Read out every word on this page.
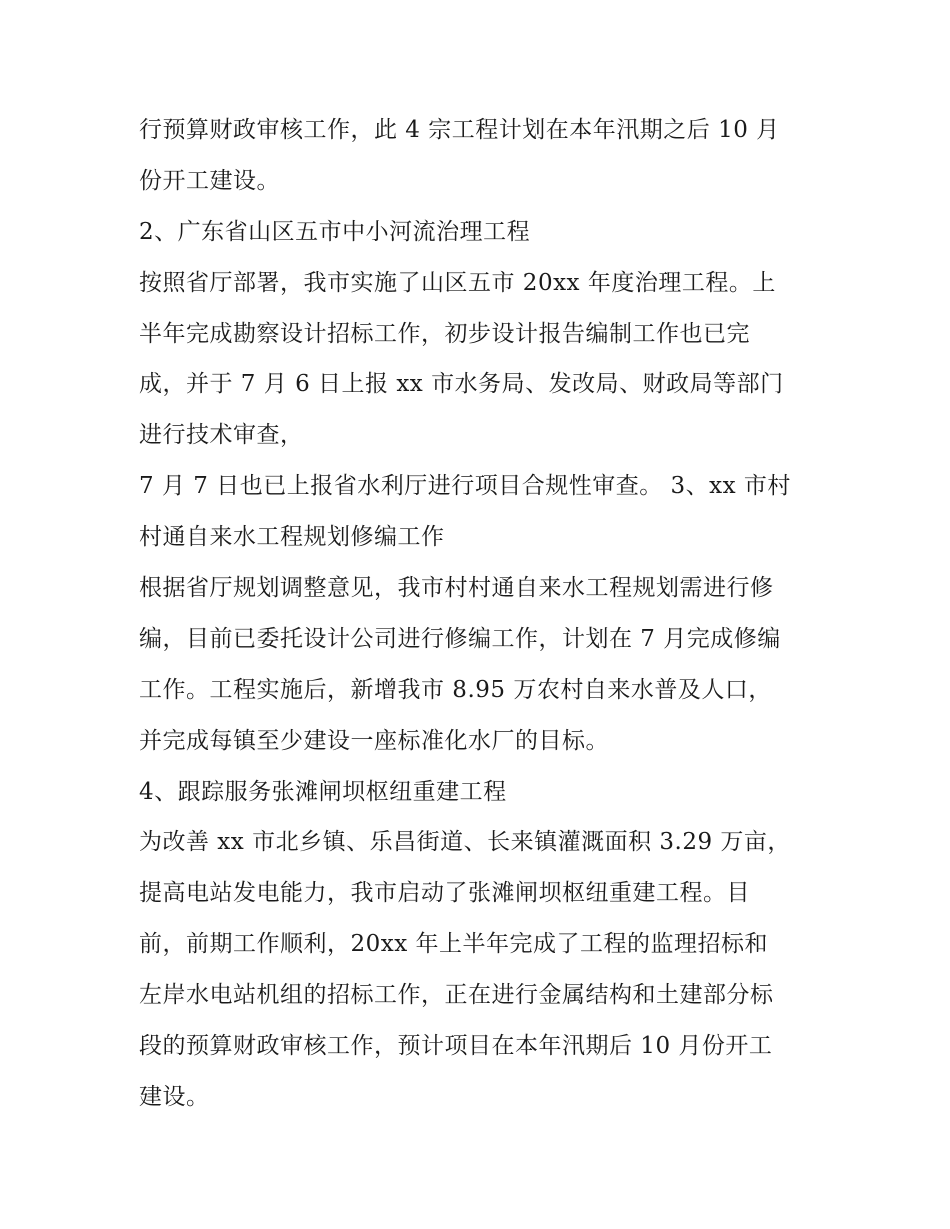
行预算财政审核工作，此 4 宗工程计划在本年汛期之后 10 月
份开工建设。
2、广东省山区五市中小河流治理工程
按照省厅部署，我市实施了山区五市 20xx 年度治理工程。上
半年完成勘察设计招标工作，初步设计报告编制工作也已完
成，并于 7 月 6 日上报 xx 市水务局、发改局、财政局等部门
进行技术审查，
7 月 7 日也已上报省水利厅进行项目合规性审查。 3、xx 市村
村通自来水工程规划修编工作
根据省厅规划调整意见，我市村村通自来水工程规划需进行修
编，目前已委托设计公司进行修编工作，计划在 7 月完成修编
工作。工程实施后，新增我市 8.95 万农村自来水普及人口，
并完成每镇至少建设一座标准化水厂的目标。
4、跟踪服务张滩闸坝枢纽重建工程
为改善 xx 市北乡镇、乐昌街道、长来镇灌溉面积 3.29 万亩，
提高电站发电能力，我市启动了张滩闸坝枢纽重建工程。目
前，前期工作顺利，20xx 年上半年完成了工程的监理招标和
左岸水电站机组的招标工作，正在进行金属结构和土建部分标
段的预算财政审核工作，预计项目在本年汛期后 10 月份开工
建设。
